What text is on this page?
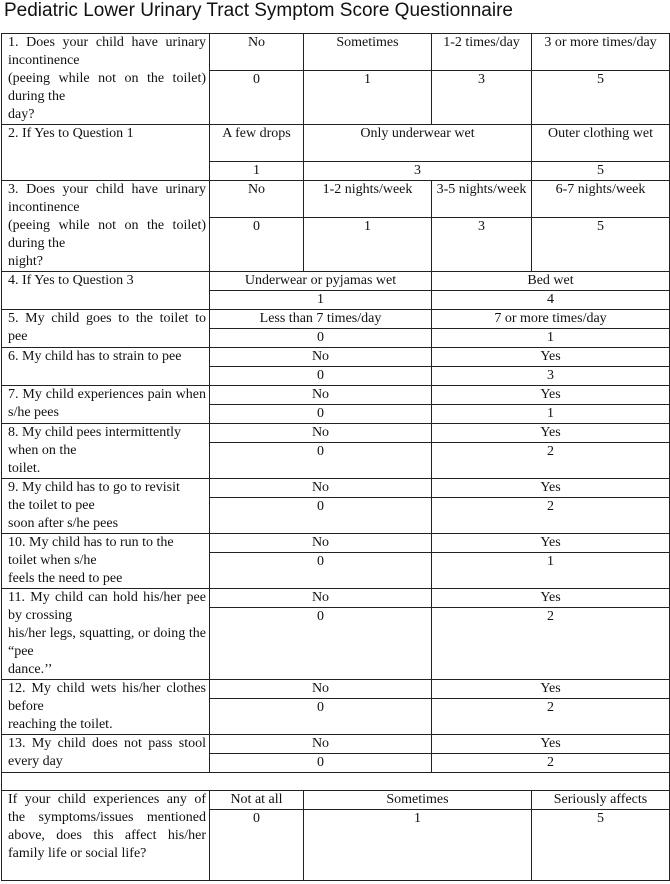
Pediatric Lower Urinary Tract Symptom Score Questionnaire
1. Does your child have urinary incontinence
(peeing while not on the toilet) during the
day?	No	Sometimes	1-2 times/day	3 or more times/day
	0	1	3	5

2. If Yes to Question 1	A few drops	Only underwear wet		Outer clothing wet
	1	3		5

3. Does your child have urinary incontinence
(peeing while not on the toilet) during the
night?	No	1-2 nights/week	3-5 nights/week	6-7 nights/week
	0	1	3	5

4. If Yes to Question 3	Underwear or pyjamas wet		Bed wet	
	1		4	

5. My child goes to the toilet to pee	Less than 7 times/day		7 or more times/day	
	0		1	

6. My child has to strain to pee	No		Yes	
	0		3	

7. My child experiences pain when s/he pees	No		Yes	
	0		1	

8. My child pees intermittently
when on the
toilet.	No		Yes	
	0		2	

9. My child has to go to revisit
the toilet to pee
soon after s/he pees	No		Yes	
	0		2	

10. My child has to run to the
toilet when s/he
feels the need to pee	No		Yes	
	0		1	

11. My child can hold his/her pee by crossing
his/her legs, squatting, or doing the “pee
dance.’’	No		Yes	
	0		2	

12. My child wets his/her clothes before
reaching the toilet.	No		Yes	
	0		2	

13. My child does not pass stool every day	No		Yes	
	0		2	

If your child experiences any of the symptoms/issues mentioned above, does this affect his/her family life or social life?	Not at all	Sometimes		Seriously affects
	0	1		5
